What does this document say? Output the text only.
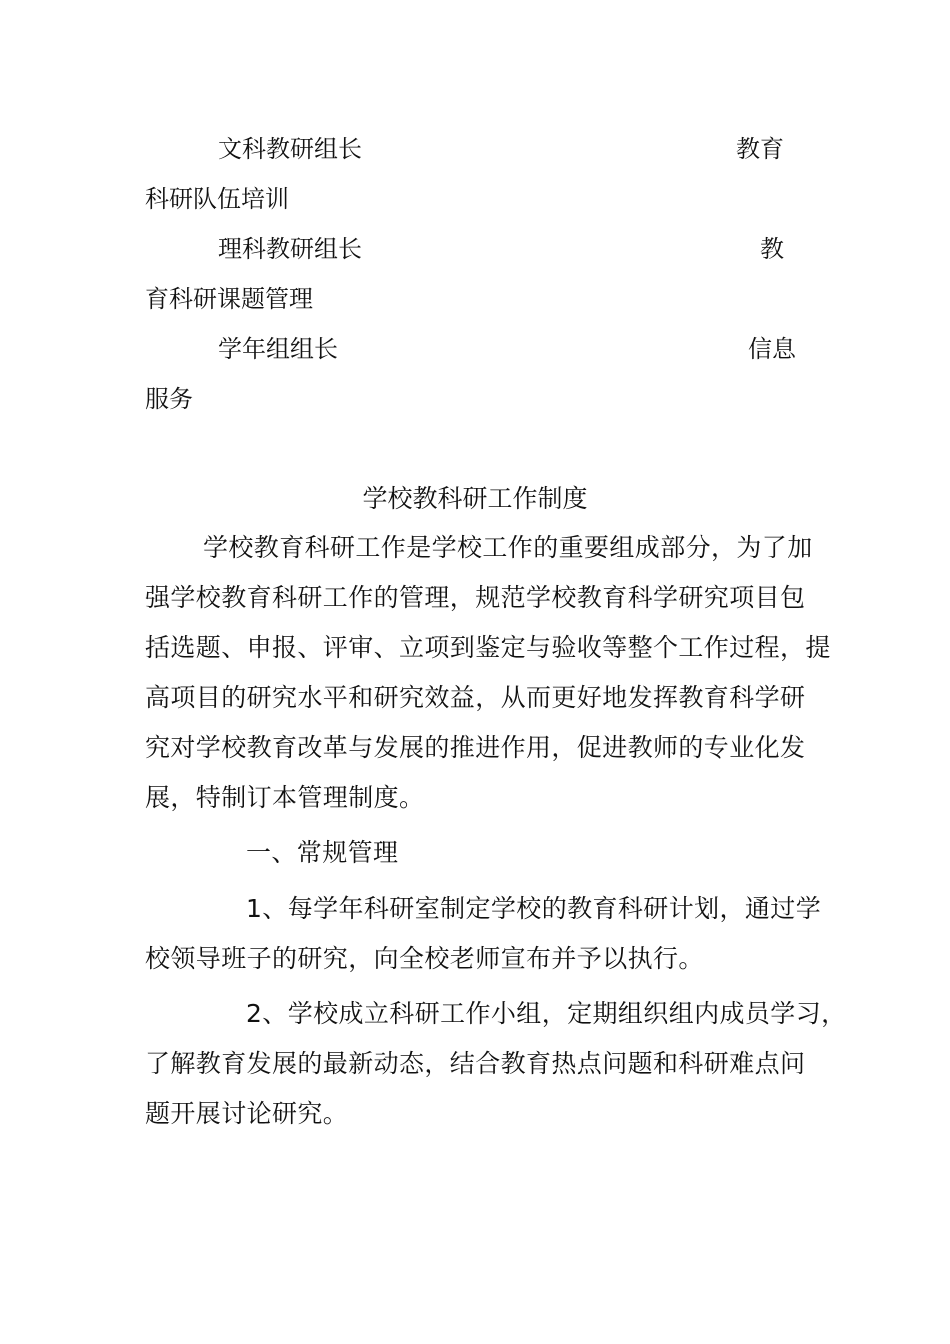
文科教研组长	教育
科研队伍培训
理科教研组长	教
育科研课题管理
学年组组长	信息
服务
学校教科研工作制度
学校教育科研工作是学校工作的重要组成部分，为了加
强学校教育科研工作的管理，规范学校教育科学研究项目包
括选题、申报、评审、立项到鉴定与验收等整个工作过程，提
高项目的研究水平和研究效益，从而更好地发挥教育科学研
究对学校教育改革与发展的推进作用，促进教师的专业化发
展，特制订本管理制度。
一、常规管理
1、每学年科研室制定学校的教育科研计划，通过学
校领导班子的研究，向全校老师宣布并予以执行。
2、学校成立科研工作小组，定期组织组内成员学习，
了解教育发展的最新动态，结合教育热点问题和科研难点问
题开展讨论研究。
